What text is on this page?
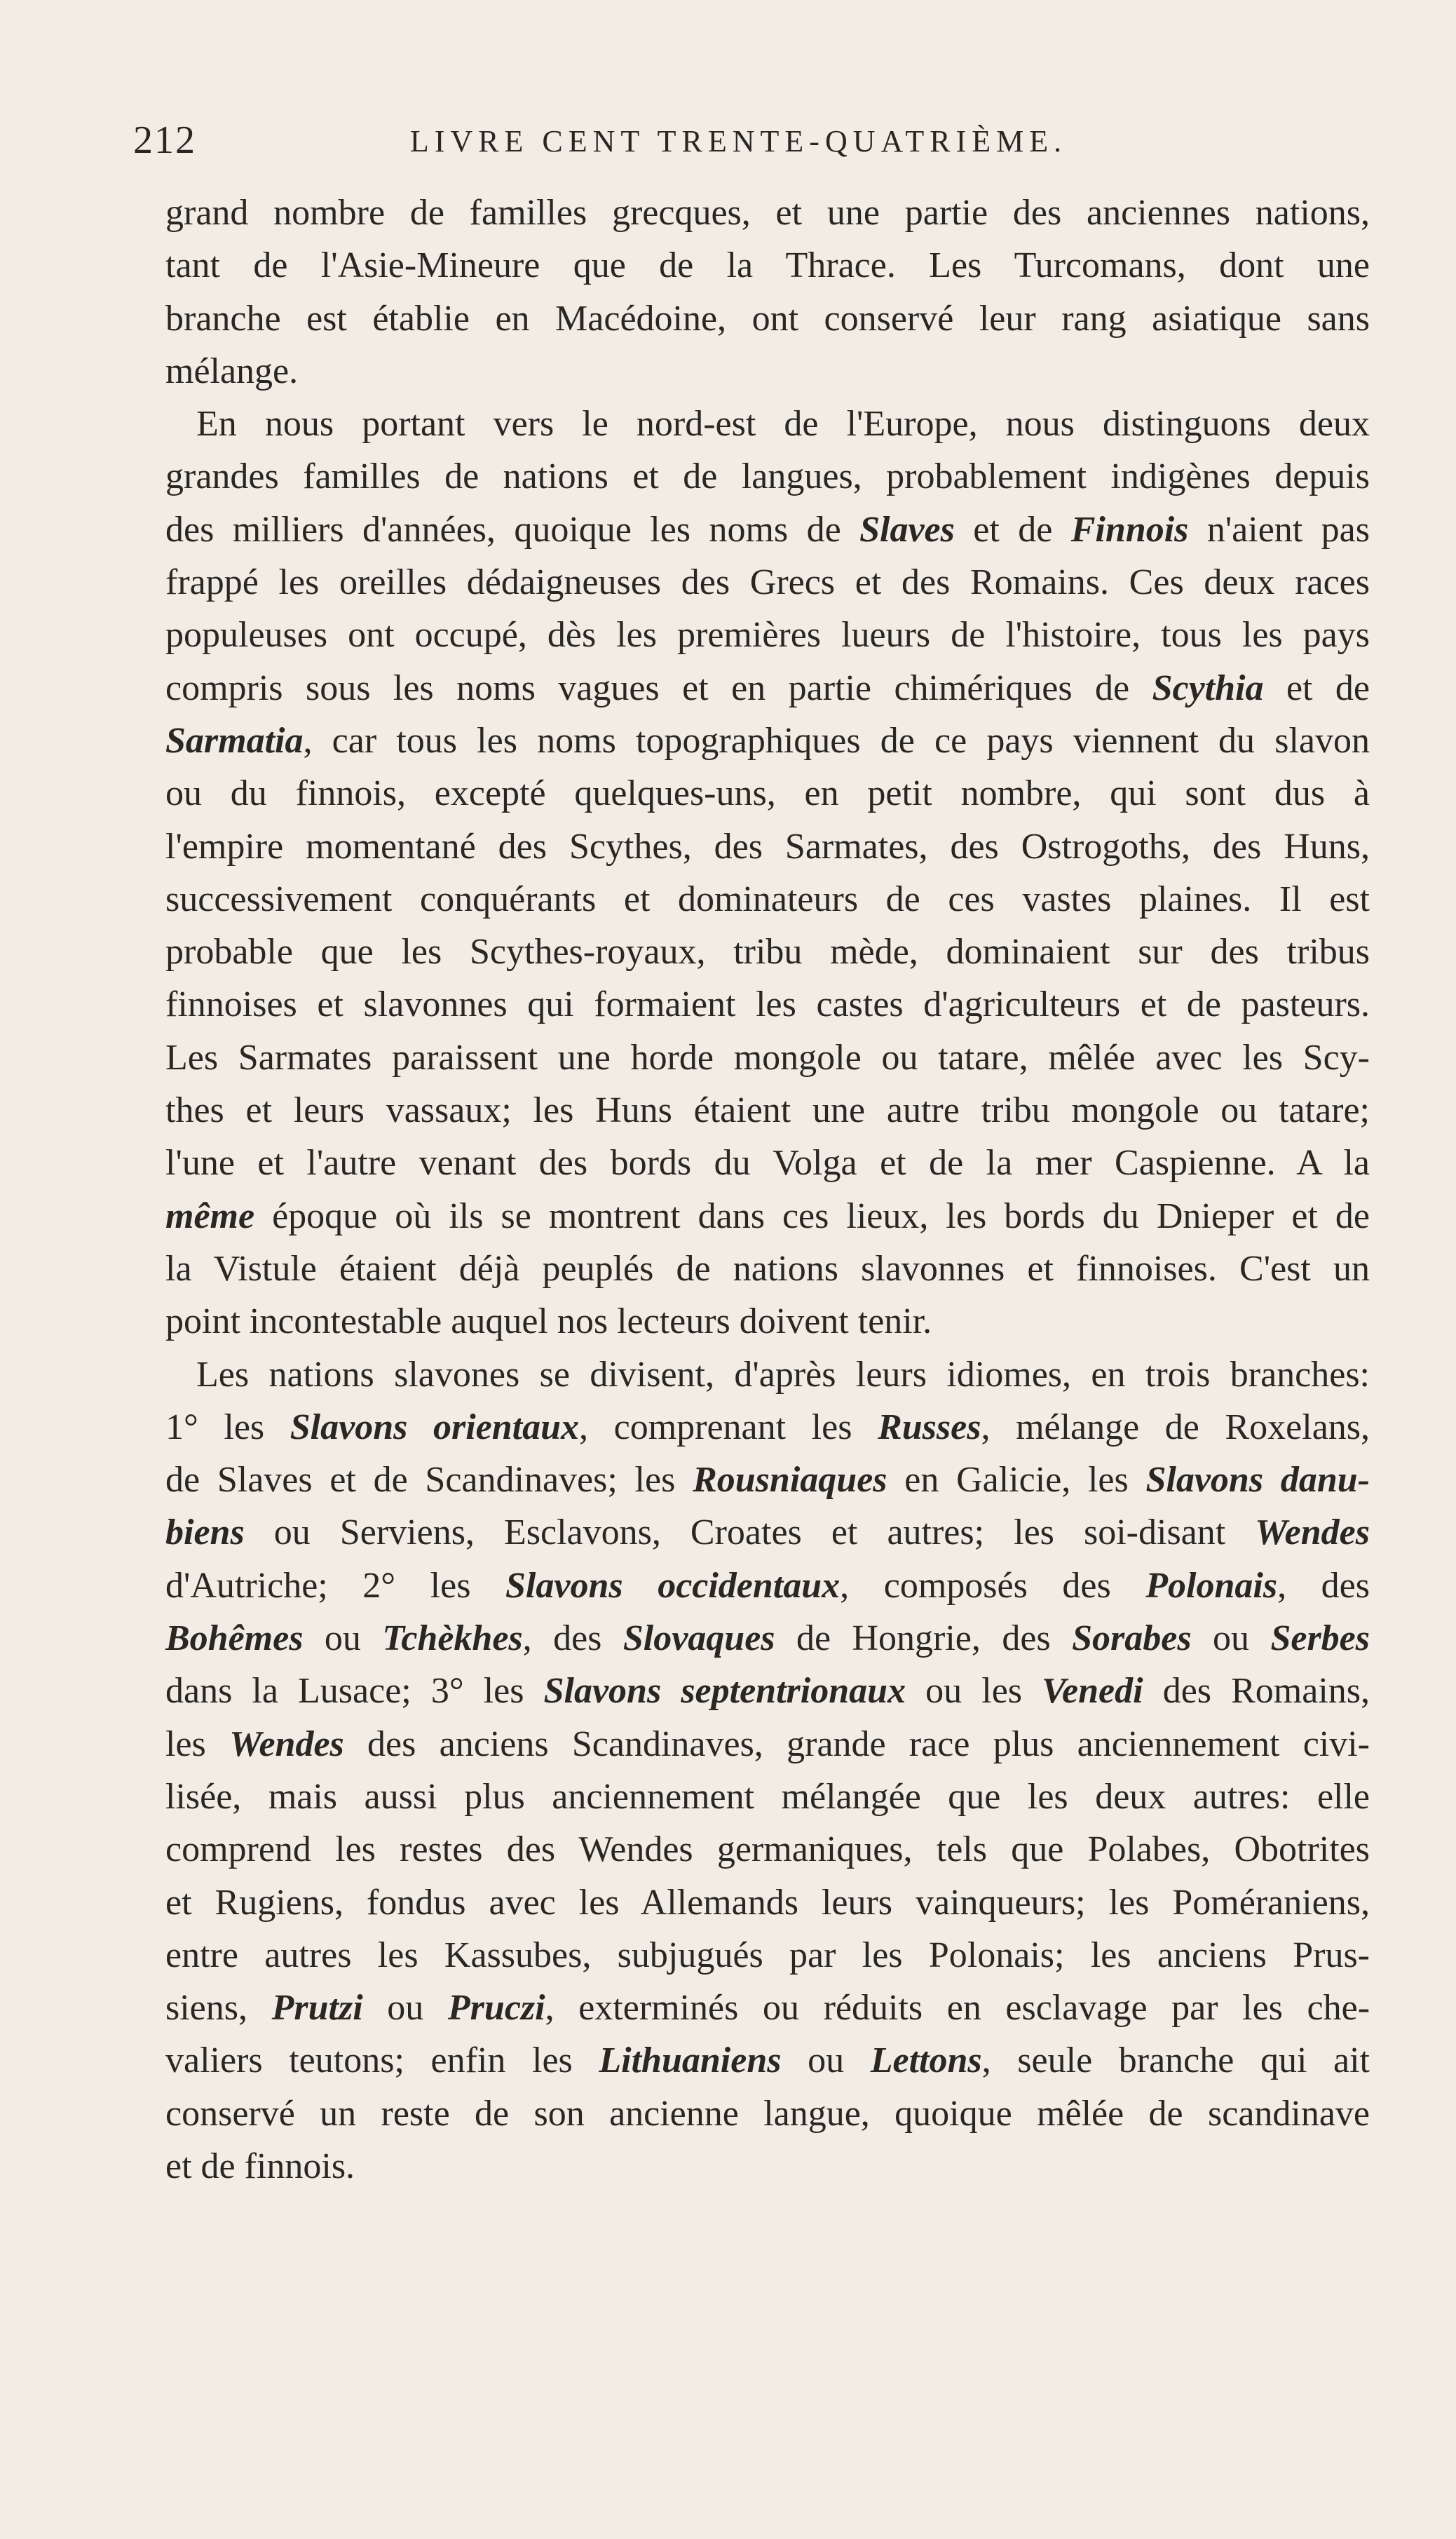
212	LIVRE CENT TRENTE-QUATRIÈME.
grand nombre de familles grecques, et une partie des anciennes nations,
tant de l'Asie-Mineure que de la Thrace. Les Turcomans, dont une
branche est établie en Macédoine, ont conservé leur rang asiatique sans
mélange.
En nous portant vers le nord-est de l'Europe, nous distinguons deux
grandes familles de nations et de langues, probablement indigènes depuis
des milliers d'années, quoique les noms de Slaves et de Finnois n'aient pas
frappé les oreilles dédaigneuses des Grecs et des Romains. Ces deux races
populeuses ont occupé, dès les premières lueurs de l'histoire, tous les pays
compris sous les noms vagues et en partie chimériques de Scythia et de
Sarmatia, car tous les noms topographiques de ce pays viennent du slavon
ou du finnois, excepté quelques-uns, en petit nombre, qui sont dus à
l'empire momentané des Scythes, des Sarmates, des Ostrogoths, des Huns,
successivement conquérants et dominateurs de ces vastes plaines. Il est
probable que les Scythes-royaux, tribu mède, dominaient sur des tribus
finnoises et slavonnes qui formaient les castes d'agriculteurs et de pasteurs.
Les Sarmates paraissent une horde mongole ou tatare, mêlée avec les Scy-
thes et leurs vassaux; les Huns étaient une autre tribu mongole ou tatare;
l'une et l'autre venant des bords du Volga et de la mer Caspienne. A la
même époque où ils se montrent dans ces lieux, les bords du Dnieper et de
la Vistule étaient déjà peuplés de nations slavonnes et finnoises. C'est un
point incontestable auquel nos lecteurs doivent tenir.
Les nations slavones se divisent, d'après leurs idiomes, en trois branches:
1° les Slavons orientaux, comprenant les Russes, mélange de Roxelans,
de Slaves et de Scandinaves; les Rousniaques en Galicie, les Slavons danu-
biens ou Serviens, Esclavons, Croates et autres; les soi-disant Wendes
d'Autriche; 2° les Slavons occidentaux, composés des Polonais, des
Bohêmes ou Tchèkhes, des Slovaques de Hongrie, des Sorabes ou Serbes
dans la Lusace; 3° les Slavons septentrionaux ou les Venedi des Romains,
les Wendes des anciens Scandinaves, grande race plus anciennement civi-
lisée, mais aussi plus anciennement mélangée que les deux autres: elle
comprend les restes des Wendes germaniques, tels que Polabes, Obotrites
et Rugiens, fondus avec les Allemands leurs vainqueurs; les Poméraniens,
entre autres les Kassubes, subjugués par les Polonais; les anciens Prus-
siens, Prutzi ou Pruczi, exterminés ou réduits en esclavage par les che-
valiers teutons; enfin les Lithuaniens ou Lettons, seule branche qui ait
conservé un reste de son ancienne langue, quoique mêlée de scandinave
et de finnois.
